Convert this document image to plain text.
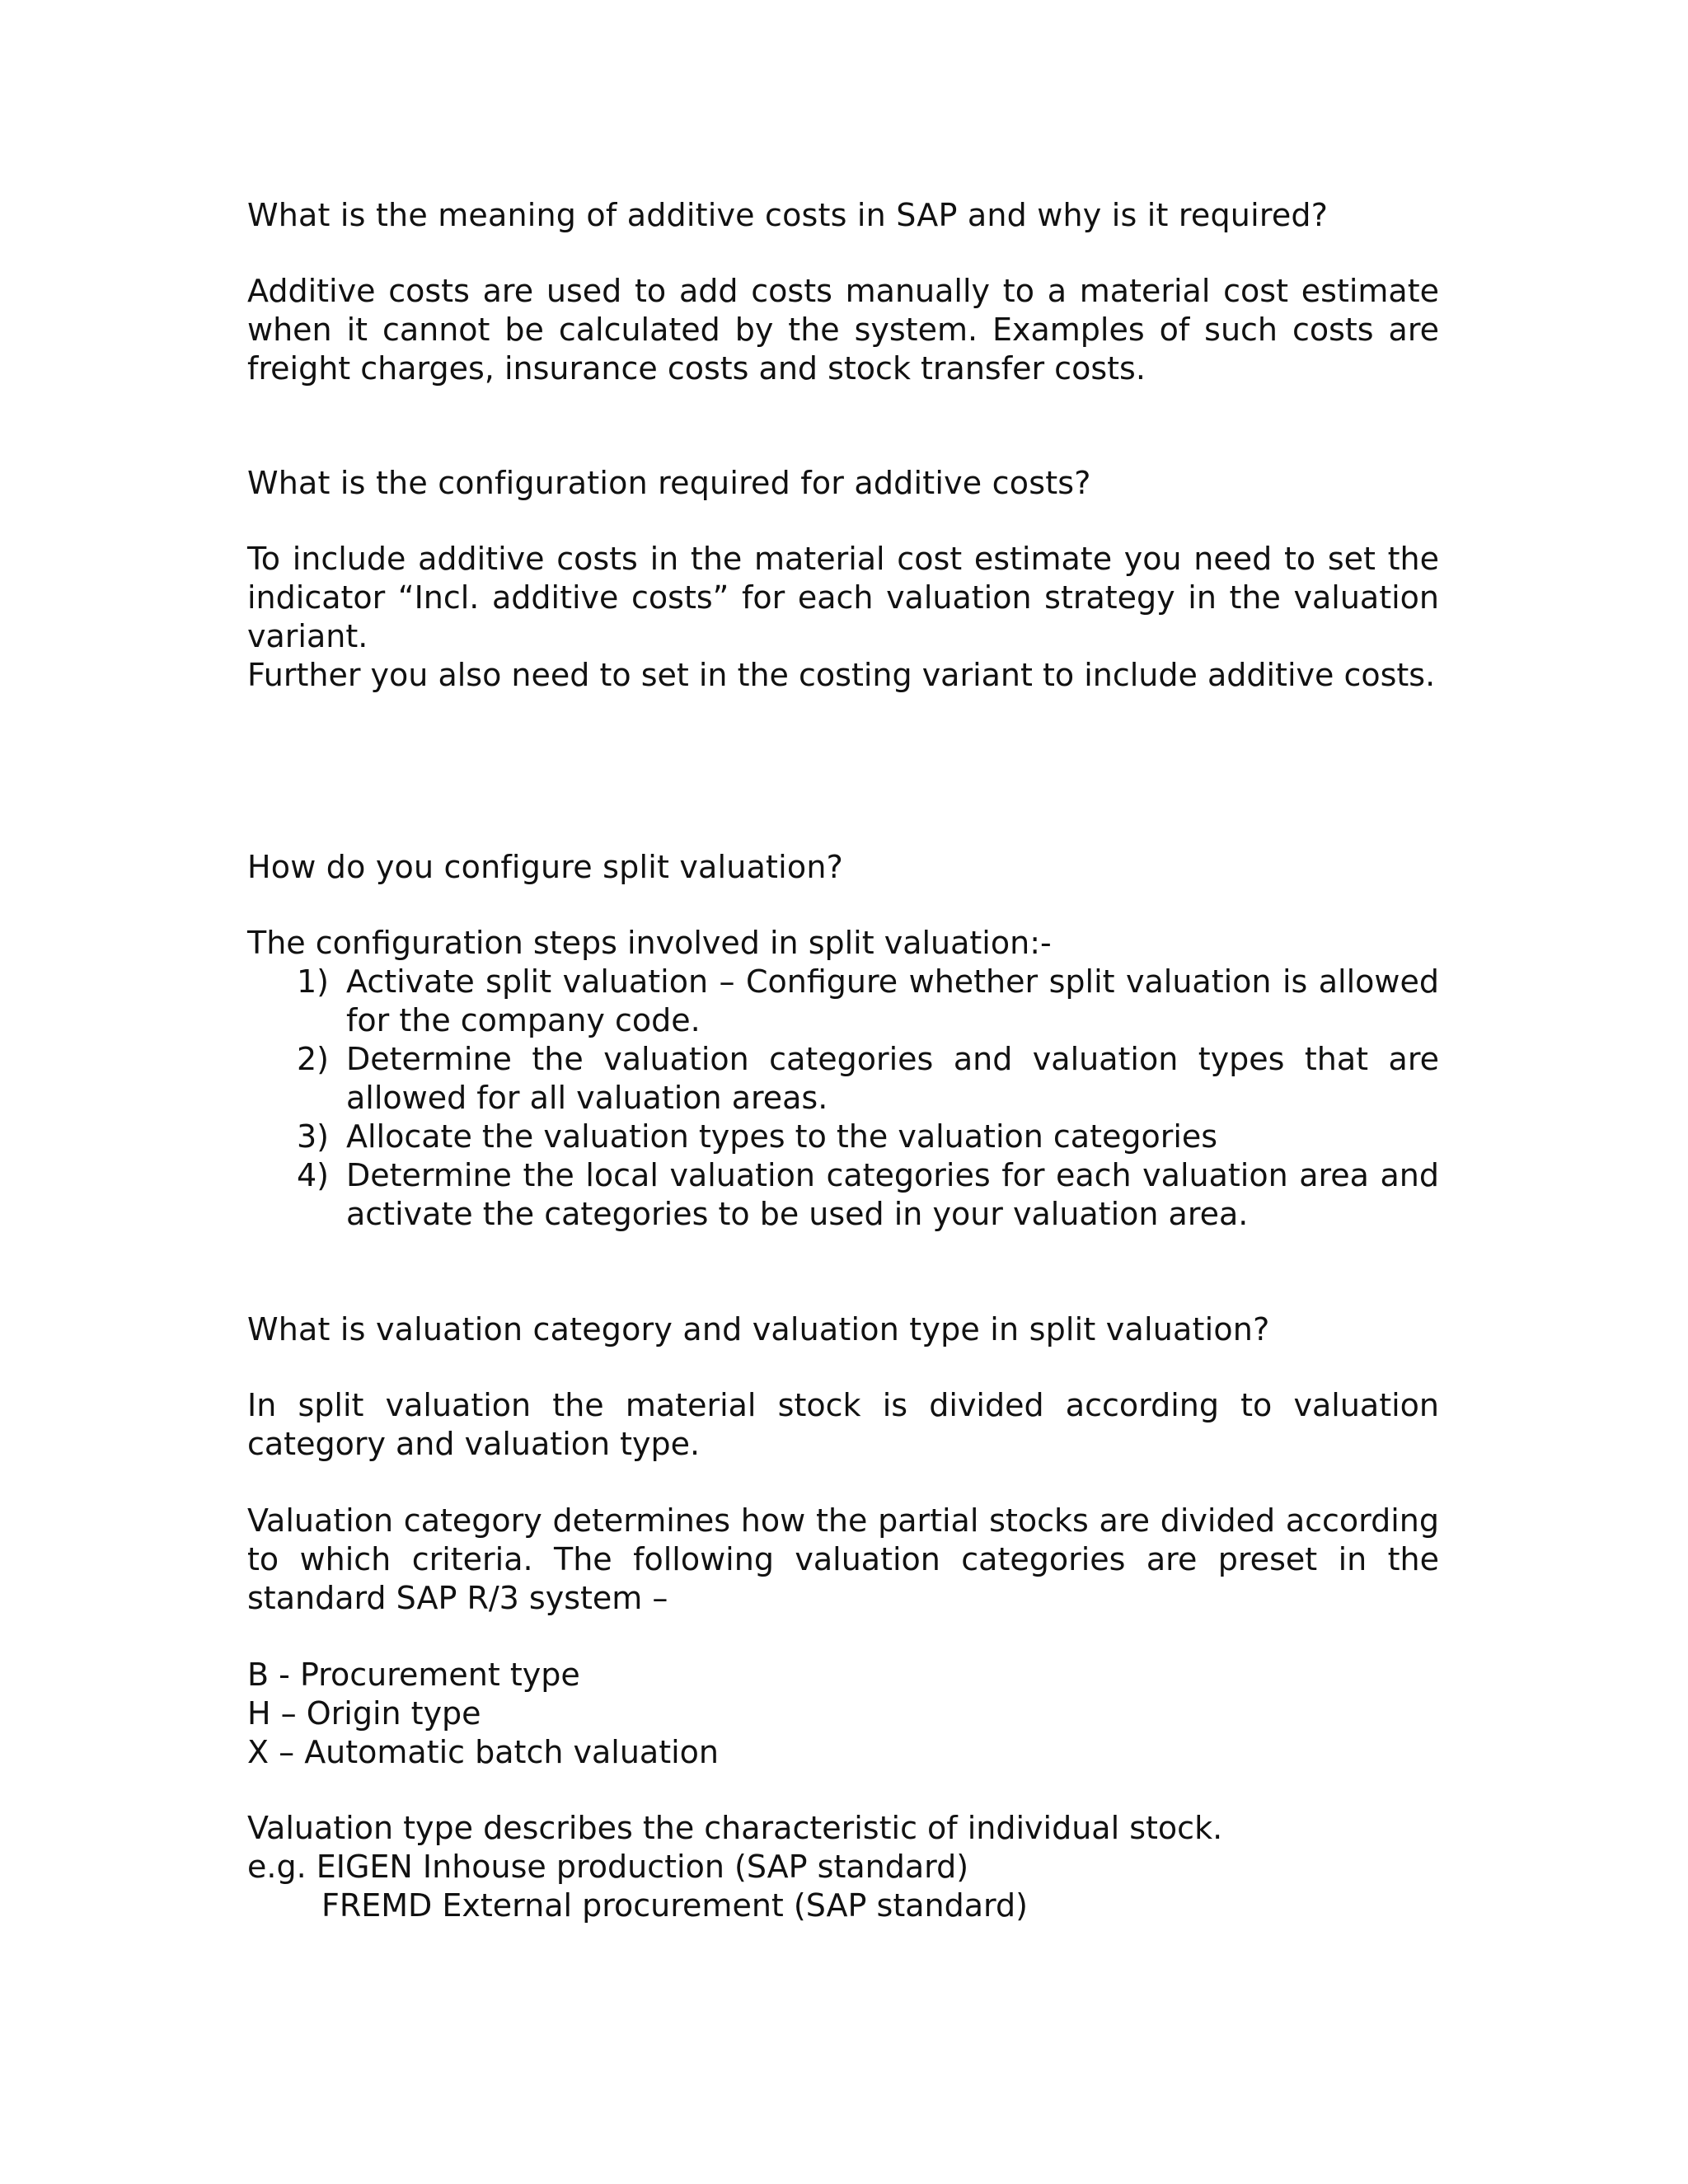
What is the meaning of additive costs in SAP and why is it required?
Additive costs are used to add costs manually to a material cost estimate when it cannot be calculated by the system. Examples of such costs are freight charges, insurance costs and stock transfer costs.
What is the configuration required for additive costs?
To include additive costs in the material cost estimate you need to set the indicator “Incl. additive costs” for each valuation strategy in the valuation variant.
Further you also need to set in the costing variant to include additive costs.
How do you configure split valuation?
The configuration steps involved in split valuation:-
1) Activate split valuation – Configure whether split valuation is allowed for the company code.
2) Determine the valuation categories and valuation types that are allowed for all valuation areas.
3) Allocate the valuation types to the valuation categories
4) Determine the local valuation categories for each valuation area and activate the categories to be used in your valuation area.
What is valuation category and valuation type in split valuation?
In split valuation the material stock is divided according to valuation category and valuation type.
Valuation category determines how the partial stocks are divided according to which criteria. The following valuation categories are preset in the standard SAP R/3 system –
B - Procurement type
H – Origin type
X – Automatic batch valuation
Valuation type describes the characteristic of individual stock.
e.g. EIGEN Inhouse production (SAP standard)
FREMD External procurement (SAP standard)
